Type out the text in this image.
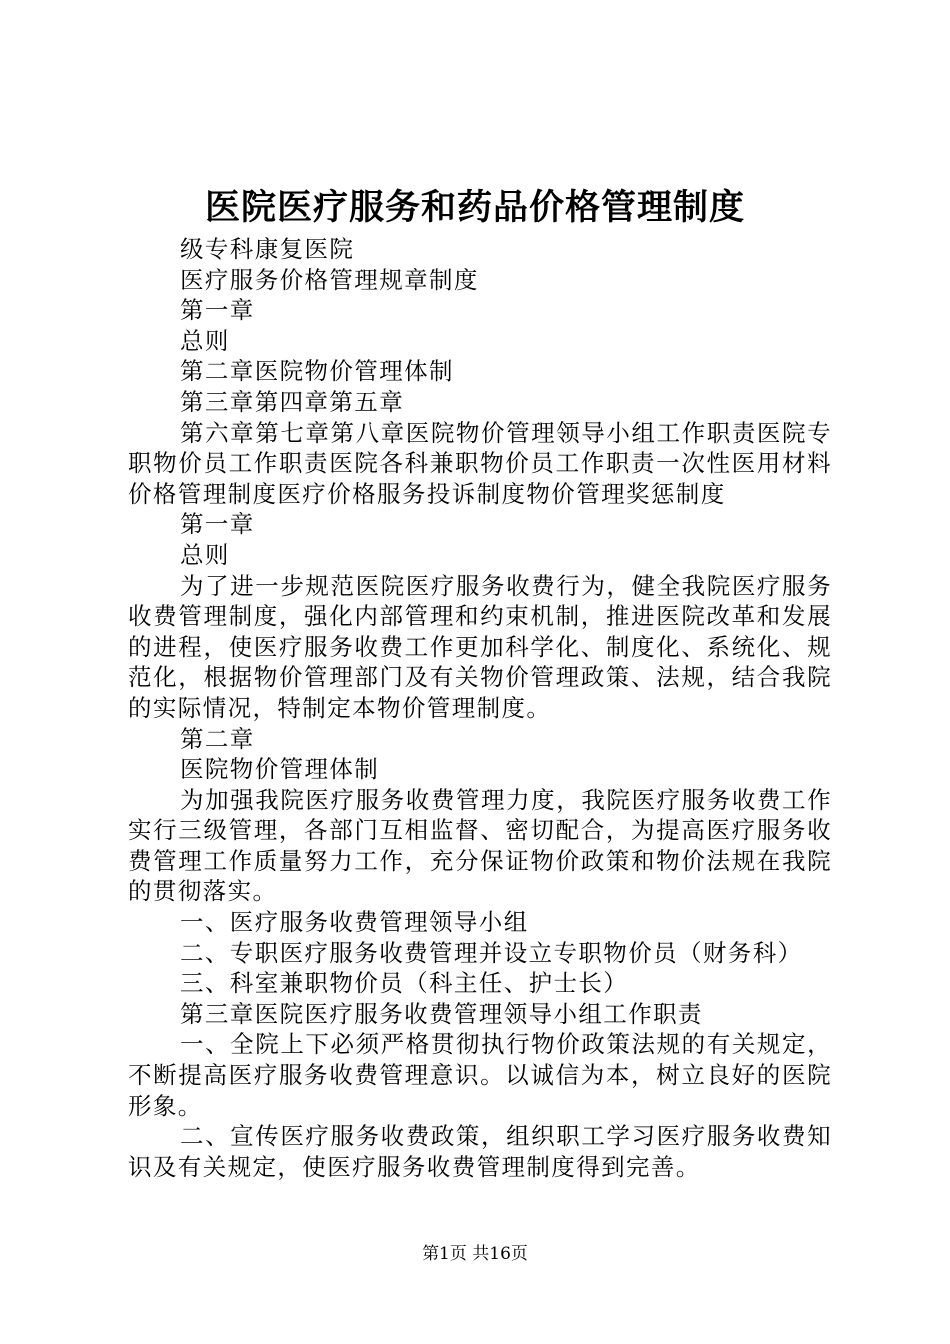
医院医疗服务和药品价格管理制度

级专科康复医院

医疗服务价格管理规章制度

第一章

总则

第二章医院物价管理体制

第三章第四章第五章

第六章第七章第八章医院物价管理领导小组工作职责医院专职物价员工作职责医院各科兼职物价员工作职责一次性医用材料价格管理制度医疗价格服务投诉制度物价管理奖惩制度

第一章

总则

为了进一步规范医院医疗服务收费行为，健全我院医疗服务收费管理制度，强化内部管理和约束机制，推进医院改革和发展的进程，使医疗服务收费工作更加科学化、制度化、系统化、规范化，根据物价管理部门及有关物价管理政策、法规，结合我院的实际情况，特制定本物价管理制度。

第二章

医院物价管理体制

为加强我院医疗服务收费管理力度，我院医疗服务收费工作实行三级管理，各部门互相监督、密切配合，为提高医疗服务收费管理工作质量努力工作，充分保证物价政策和物价法规在我院的贯彻落实。

一、医疗服务收费管理领导小组

二、专职医疗服务收费管理并设立专职物价员（财务科）

三、科室兼职物价员（科主任、护士长）

第三章医院医疗服务收费管理领导小组工作职责

一、全院上下必须严格贯彻执行物价政策法规的有关规定，不断提高医疗服务收费管理意识。以诚信为本，树立良好的医院形象。

二、宣传医疗服务收费政策，组织职工学习医疗服务收费知识及有关规定，使医疗服务收费管理制度得到完善。

第1页 共16页
